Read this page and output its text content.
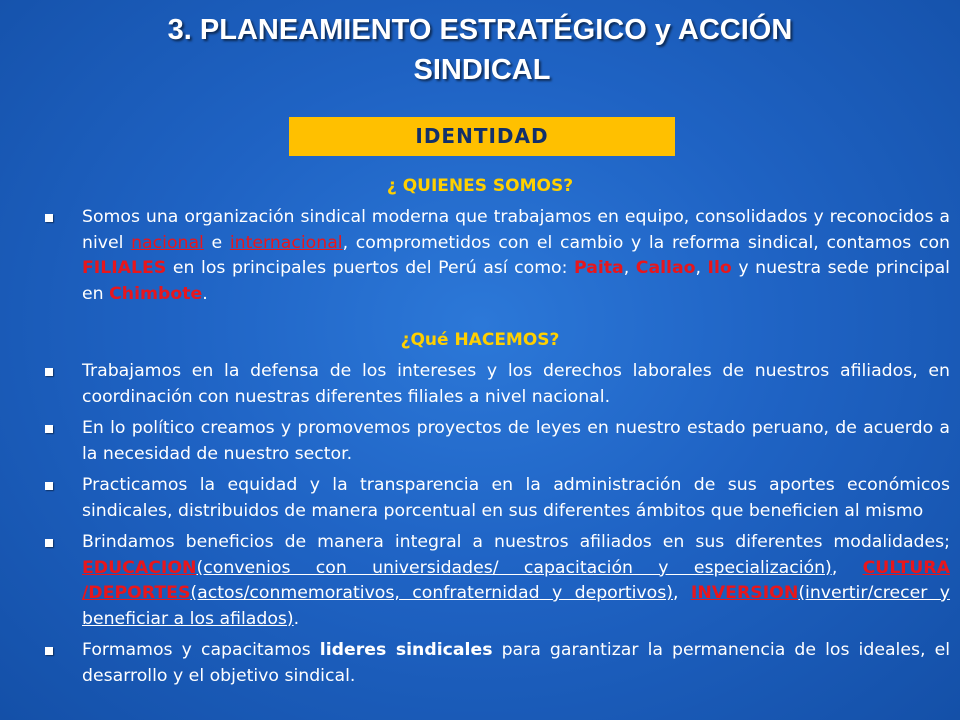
3. PLANEAMIENTO ESTRATÉGICO y ACCIÓN
SINDICAL
IDENTIDAD
¿ QUIENES SOMOS?
Somos una organización sindical moderna que trabajamos en equipo, consolidados y reconocidos a nivel nacional e internacional, comprometidos con el cambio y la reforma sindical, contamos con FILIALES en los principales puertos del Perú así como: Paita, Callao, Ilo y nuestra sede principal en Chimbote.
¿Qué HACEMOS?
Trabajamos en la defensa de los intereses y los derechos laborales de nuestros afiliados, en coordinación con nuestras diferentes filiales a nivel nacional.
En lo político creamos y promovemos proyectos de leyes en nuestro estado peruano, de acuerdo a la necesidad de nuestro sector.
Practicamos la equidad y la transparencia en la administración de sus aportes económicos sindicales, distribuidos de manera porcentual en sus diferentes ámbitos que beneficien al mismo
Brindamos beneficios de manera integral a nuestros afiliados en sus diferentes modalidades; EDUCACION(convenios con universidades/ capacitación y especialización), CULTURA /DEPORTES(actos/conmemorativos, confraternidad y deportivos), INVERSION(invertir/crecer y beneficiar a los afilados).
Formamos y capacitamos lideres sindicales para garantizar la permanencia de los ideales, el desarrollo y el objetivo sindical.
